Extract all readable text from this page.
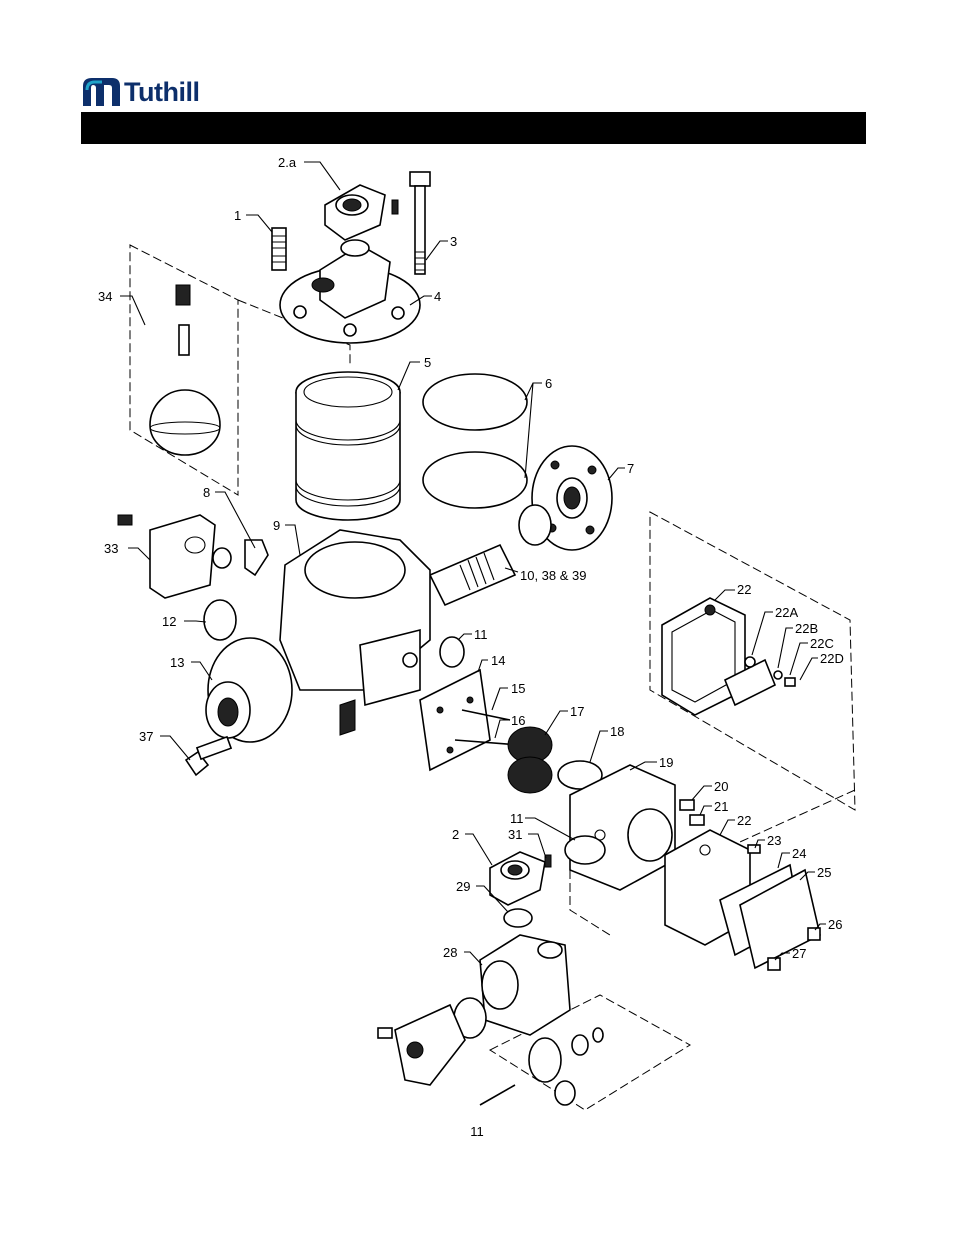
Tuthill
2.a
1
3
4
34
5
6
7
8
9
33
10, 38 & 39
22
22A
22B
22C
22D
12
11
14
13
15
17
16
18
37
19
20
21
11	22
31
2	23
24
25
29
26
28	27
11
